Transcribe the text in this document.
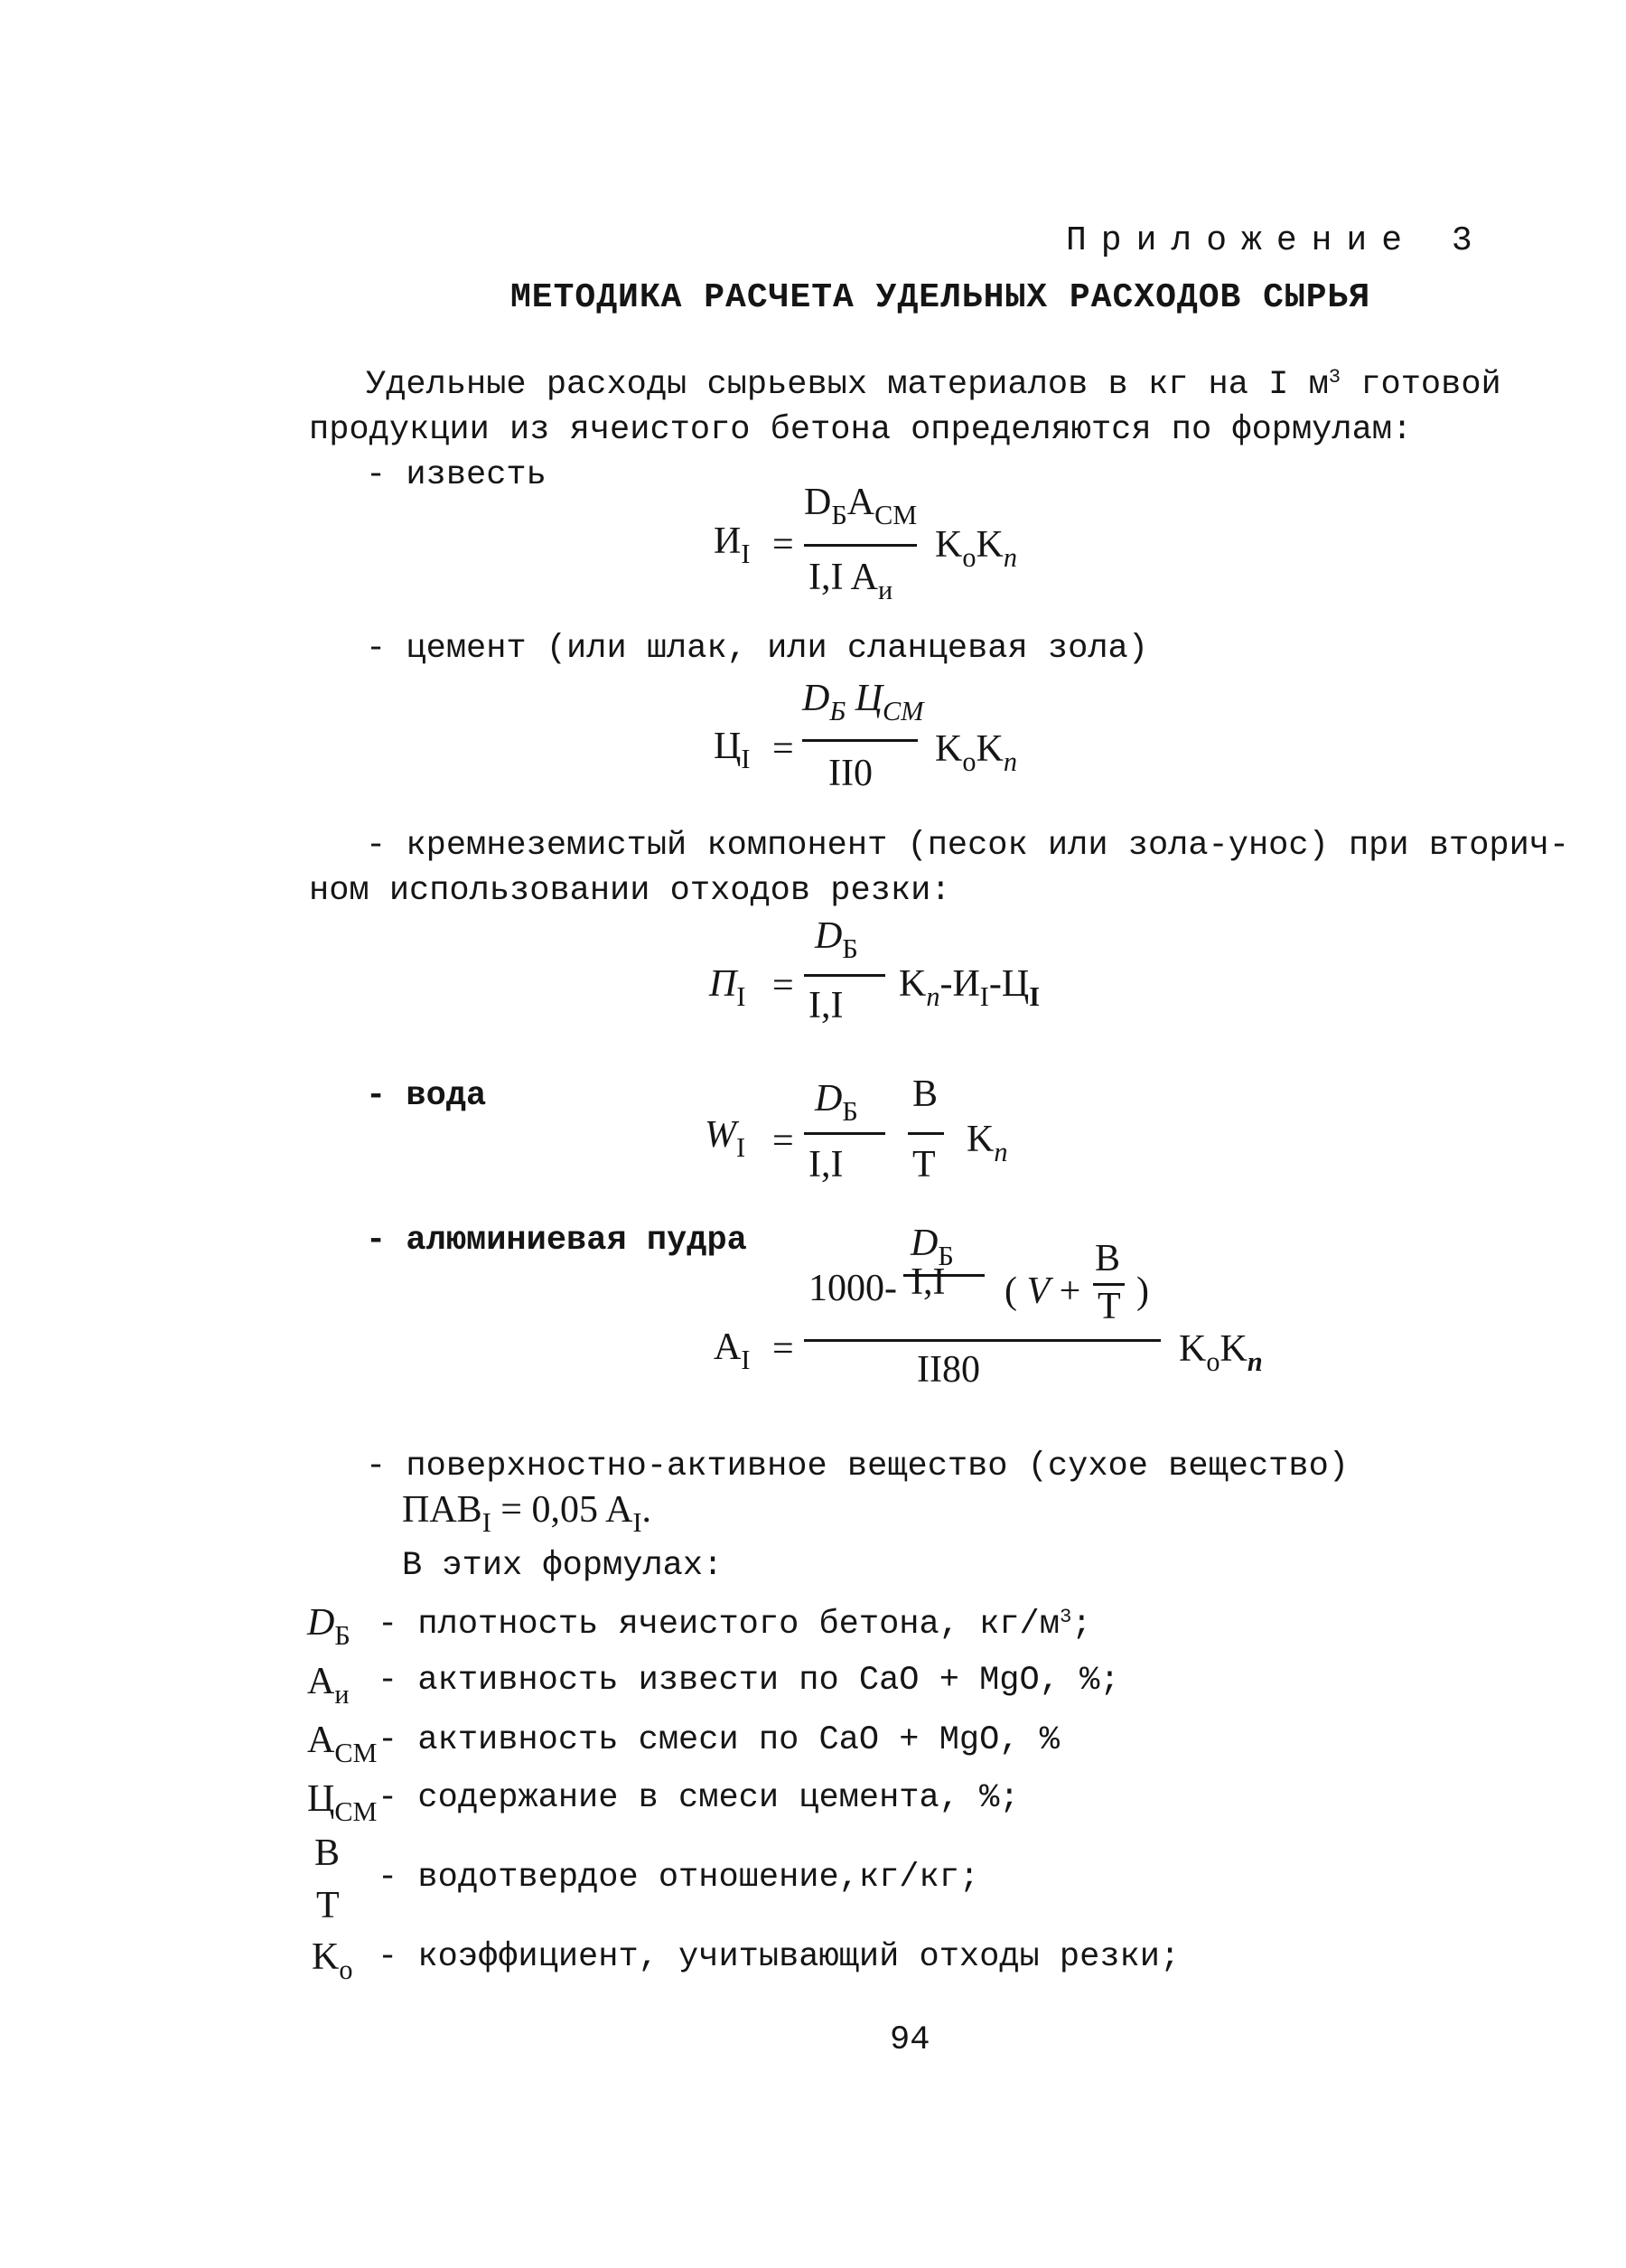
Приложение 3
МЕТОДИКА РАСЧЕТА УДЕЛЬНЫХ РАСХОДОВ СЫРЬЯ
Удельные расходы сырьевых материалов в кг на I $м^3$ готовой
продукции из ячеистого бетона определяются по формулам:
- известь
$И_I$ =
$D_БA_{СМ}$
I,I $A_и$
$K_оK_п$
- цемент (или шлак, или сланцевая зола)
$Ц_I$ =
$D_Б$ $Ц_{СМ}$
II0
$K_оK_п$
- кремнеземистый компонент (песок или зола-унос) при вторич-
ном использовании отходов резки:
$П_I$ =
$D_Б$
I,I
$K_п-И_I-Ц_I$
- вода
$W_I$ =
$D_Б$
I,I
В
Т
$K_п$
- алюминиевая пудра
$A_I$ =
1000-
$D_Б$
I,I ( V +
В
Т )
II80	$K_оK_п$
- поверхностно-активное вещество (сухое вещество)
$ПАВ_I = 0,05$ $A_I$.
В этих формулах:
$D_Б$ - плотность ячеистого бетона, $кг/м^3$;
$A_и$ - активность извести по CaO + MgO, %;
$A_{СМ}$ - активность смеси по CaO + MgO, %
$Ц_{СМ}$ - содержание в смеси цемента, %;
В
Т
- водотвердое отношение,кг/кг;
$K_о$ - коэффициент, учитывающий отходы резки;
94
